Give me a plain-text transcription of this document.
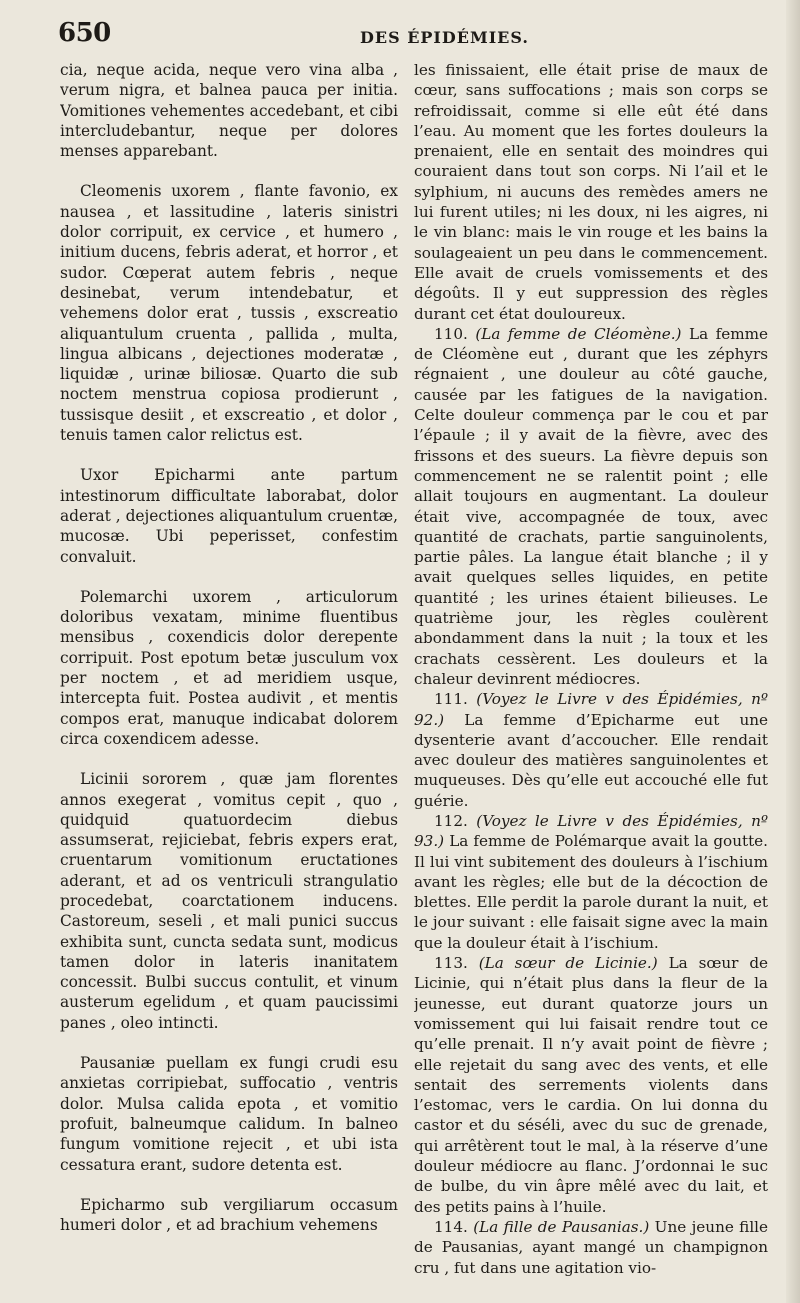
650	DES ÉPIDÉMIES.

cia, neque acida, neque vero vina alba , verum nigra, et balnea pauca per initia. Vomitiones vehementes accedebant, et cibi intercludebantur, neque per dolores menses apparebant.

Cleomenis uxorem , flante favonio, ex nausea , et lassitudine , lateris sinistri dolor corripuit, ex cervice , et humero , initium ducens, febris aderat, et horror , et sudor. Cœperat autem febris , neque desinebat, verum intendebatur, et vehemens dolor erat , tussis , exscreatio aliquantulum cruenta , pallida , multa, lingua albicans , dejectiones moderatæ , liquidæ , urinæ biliosæ. Quarto die sub noctem menstrua copiosa prodierunt , tussisque desiit , et exscreatio , et dolor , tenuis tamen calor relictus est.

Uxor Epicharmi ante partum intestinorum difficultate laborabat, dolor aderat , dejectiones aliquantulum cruentæ, mucosæ. Ubi peperisset, confestim convaluit.

Polemarchi uxorem , articulorum doloribus vexatam, minime fluentibus mensibus , coxendicis dolor derepente corripuit. Post epotum betæ jusculum vox per noctem , et ad meridiem usque, intercepta fuit. Postea audivit , et mentis compos erat, manuque indicabat dolorem circa coxendicem adesse.

Licinii sororem , quæ jam florentes annos exegerat , vomitus cepit , quo , quidquid quatuordecim diebus assumserat, rejiciebat, febris expers erat, cruentarum vomitionum eructationes aderant, et ad os ventriculi strangulatio procedebat, coarctationem inducens. Castoreum, seseli , et mali punici succus exhibita sunt, cuncta sedata sunt, modicus tamen dolor in lateris inanitatem concessit. Bulbi succus contulit, et vinum austerum egelidum , et quam paucissimi panes , oleo intincti.

Pausaniæ puellam ex fungi crudi esu anxietas corripiebat, suffocatio , ventris dolor. Mulsa calida epota , et vomitio profuit, balneumque calidum. In balneo fungum vomitione rejecit , et ubi ista cessatura erant, sudore detenta est.

Epicharmo sub vergiliarum occasum humeri dolor , et ad brachium vehemens

les finissaient, elle était prise de maux de cœur, sans suffocations ; mais son corps se refroidissait, comme si elle eût été dans l’eau. Au moment que les fortes douleurs la prenaient, elle en sentait des moindres qui couraient dans tout son corps. Ni l’ail et le sylphium, ni aucuns des remèdes amers ne lui furent utiles; ni les doux, ni les aigres, ni le vin blanc: mais le vin rouge et les bains la soulageaient un peu dans le commencement. Elle avait de cruels vomissements et des dégoûts. Il y eut suppression des règles durant cet état douloureux.

110. (La femme de Cléomène.) La femme de Cléomène eut , durant que les zéphyrs régnaient , une douleur au côté gauche, causée par les fatigues de la navigation. Celte douleur commença par le cou et par l’épaule ; il y avait de la fièvre, avec des frissons et des sueurs. La fièvre depuis son commencement ne se ralentit point ; elle allait toujours en augmentant. La douleur était vive, accompagnée de toux, avec quantité de crachats, partie sanguinolents, partie pâles. La langue était blanche ; il y avait quelques selles liquides, en petite quantité ; les urines étaient bilieuses. Le quatrième jour, les règles coulèrent abondamment dans la nuit ; la toux et les crachats cessèrent. Les douleurs et la chaleur devinrent médiocres.

111. (Voyez le Livre v des Épidémies, nº 92.) La femme d’Epicharme eut une dysenterie avant d’accoucher. Elle rendait avec douleur des matières sanguinolentes et muqueuses. Dès qu’elle eut accouché elle fut guérie.

112. (Voyez le Livre v des Épidémies, nº 93.) La femme de Polémarque avait la goutte. Il lui vint subitement des douleurs à l’ischium avant les règles; elle but de la décoction de blettes. Elle perdit la parole durant la nuit, et le jour suivant : elle faisait signe avec la main que la douleur était à l’ischium.

113. (La sœur de Licinie.) La sœur de Licinie, qui n’était plus dans la fleur de la jeunesse, eut durant quatorze jours un vomissement qui lui faisait rendre tout ce qu’elle prenait. Il n’y avait point de fièvre ; elle rejetait du sang avec des vents, et elle sentait des serrements violents dans l’estomac, vers le cardia. On lui donna du castor et du séséli, avec du suc de grenade, qui arrêtèrent tout le mal, à la réserve d’une douleur médiocre au flanc. J’ordonnai le suc de bulbe, du vin âpre mêlé avec du lait, et des petits pains à l’huile.

114. (La fille de Pausanias.) Une jeune fille de Pausanias, ayant mangé un champignon cru , fut dans une agitation vio-
